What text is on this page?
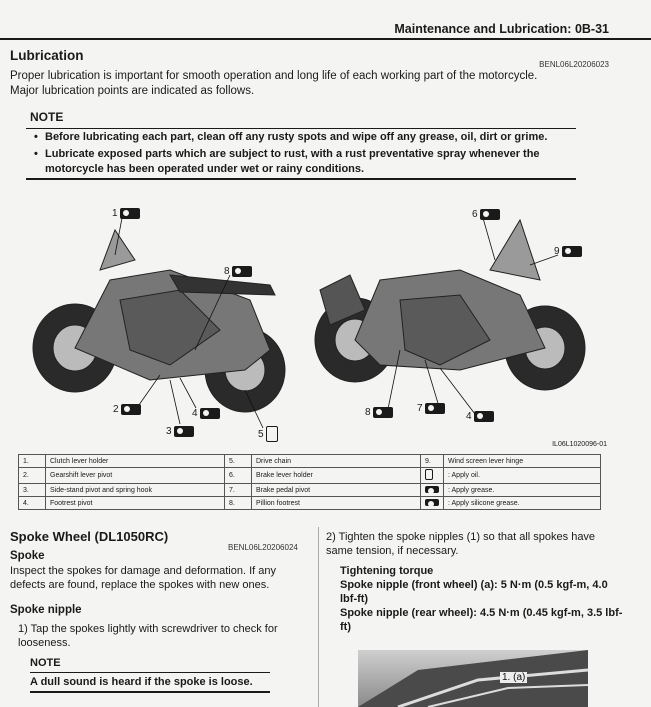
Maintenance and Lubrication: 0B-31
Lubrication
BENL06L20206023
Proper lubrication is important for smooth operation and long life of each working part of the motorcycle.
Major lubrication points are indicated as follows.
NOTE
• Before lubricating each part, clean off any rusty spots and wipe off any grease, oil, dirt or grime.
• Lubricate exposed parts which are subject to rust, with a rust preventative spray whenever the motorcycle has been operated under wet or rainy conditions.
1
2
3
4
5
8
6
9
7
4
8
IL06L1020096-01
1.	Clutch lever holder	5.	Drive chain	9.	Wind screen lever hinge
2.	Gearshift lever pivot	6.	Brake lever holder		: Apply oil.
3.	Side-stand pivot and spring hook	7.	Brake pedal pivot		: Apply grease.
4.	Footrest pivot	8.	Pillion footrest		: Apply silicone grease.
Spoke Wheel (DL1050RC)
BENL06L20206024
Spoke
Inspect the spokes for damage and deformation. If any defects are found, replace the spokes with new ones.
Spoke nipple
1) Tap the spokes lightly with screwdriver to check for looseness.
NOTE
A dull sound is heard if the spoke is loose.
2) Tighten the spoke nipples (1) so that all spokes have same tension, if necessary.
Tightening torque
Spoke nipple (front wheel) (a): 5 N·m (0.5 kgf-m, 4.0 lbf-ft)
Spoke nipple (rear wheel): 4.5 N·m (0.45 kgf-m, 3.5 lbf-ft)
1. (a)
